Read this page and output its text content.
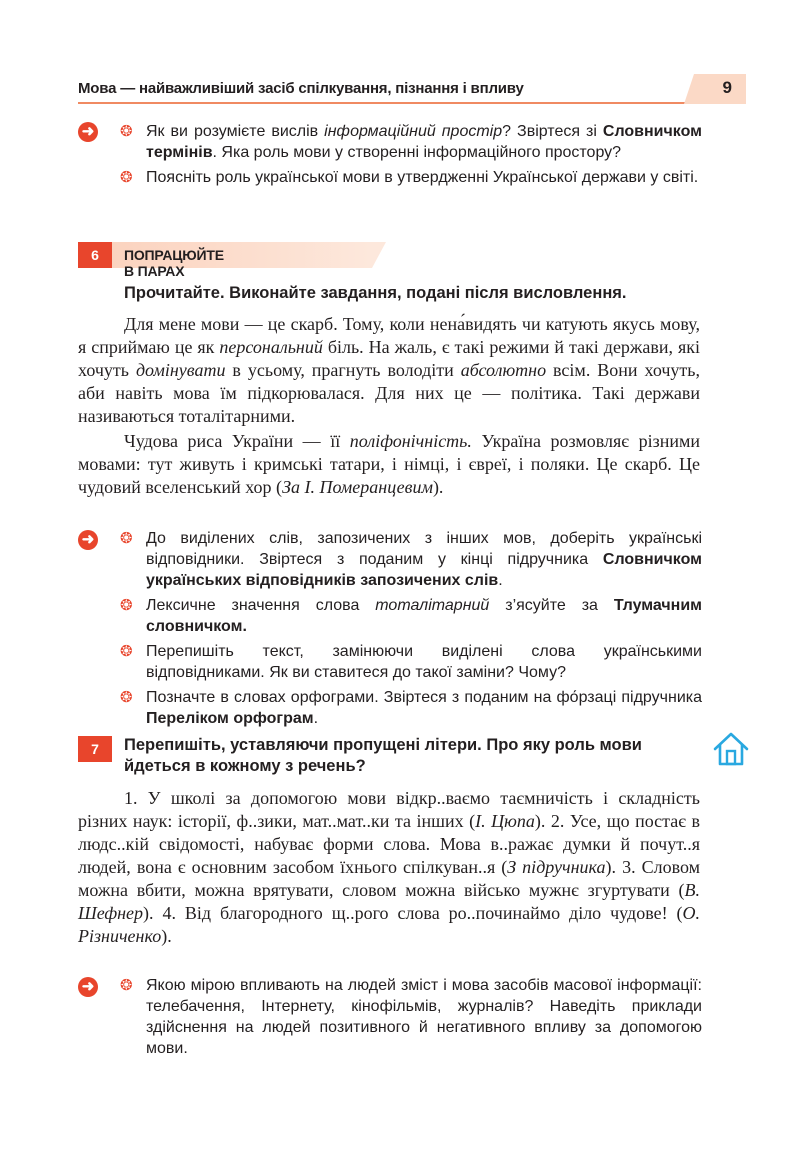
Мова — найважливіший засіб спілкування, пізнання і впливу	9
➜ ❂ Як ви розумієте вислів інформаційний простір? Звіртеся зі Словничком термінів. Яка роль мови у створенні інформаційного простору?
❂ Поясніть роль української мови в утвердженні Української держави у світі.
6	ПОПРАЦЮЙТЕ В ПАРАХ
Прочитайте. Виконайте завдання, подані після висловлення.

Для мене мови — це скарб. Тому, коли нена́видять чи катують якусь мову, я сприймаю це як персональний біль. На жаль, є такі режими й такі держави, які хочуть домінувати в усьому, прагнуть володіти абсолютно всім. Вони хочуть, аби навіть мова їм підкорювалася. Для них це — політика. Такі держави називаються тоталітарними.

Чудова риса України — її поліфонічність. Україна розмовляє різними мовами: тут живуть і кримські татари, і німці, і євреї, і поляки. Це скарб. Це чудовий вселенський хор (За І. Померанцевим).

➜ ❂ До виділених слів, запозичених з інших мов, доберіть українські відповідники. Звіртеся з поданим у кінці підручника Словничком українських відповідників запозичених слів.
❂ Лексичне значення слова тоталітарний з’ясуйте за Тлумачним словничком.
❂ Перепишіть текст, замінюючи виділені слова українськими відповідниками. Як ви ставитеся до такої заміни? Чому?
❂ Позначте в словах орфограми. Звіртеся з поданим на фо́рзаці підручника Переліком орфограм.
7	Перепишіть, уставляючи пропущені літери. Про яку роль мови йдеться в кожному з речень?

1. У школі за допомогою мови відкр..ваємо таємничість і складність різних наук: історії, ф..зики, мат..мат..ки та інших (І. Цюпа). 2. Усе, що постає в людс..кій свідомості, набуває форми слова. Мова в..ражає думки й почут..я людей, вона є основним засобом їхнього спілкуван..я (З підручника). 3. Словом можна вбити, можна врятувати, словом можна військо мужнє згуртувати (В. Шефнер). 4. Від благородного щ..рого слова ро..починаймо діло чудове! (О. Різниченко).

➜ ❂ Якою мірою впливають на людей зміст і мова засобів масової інформації: телебачення, Інтернету, кінофільмів, журналів? Наведіть приклади здійснення на людей позитивного й негативного впливу за допомогою мови.
